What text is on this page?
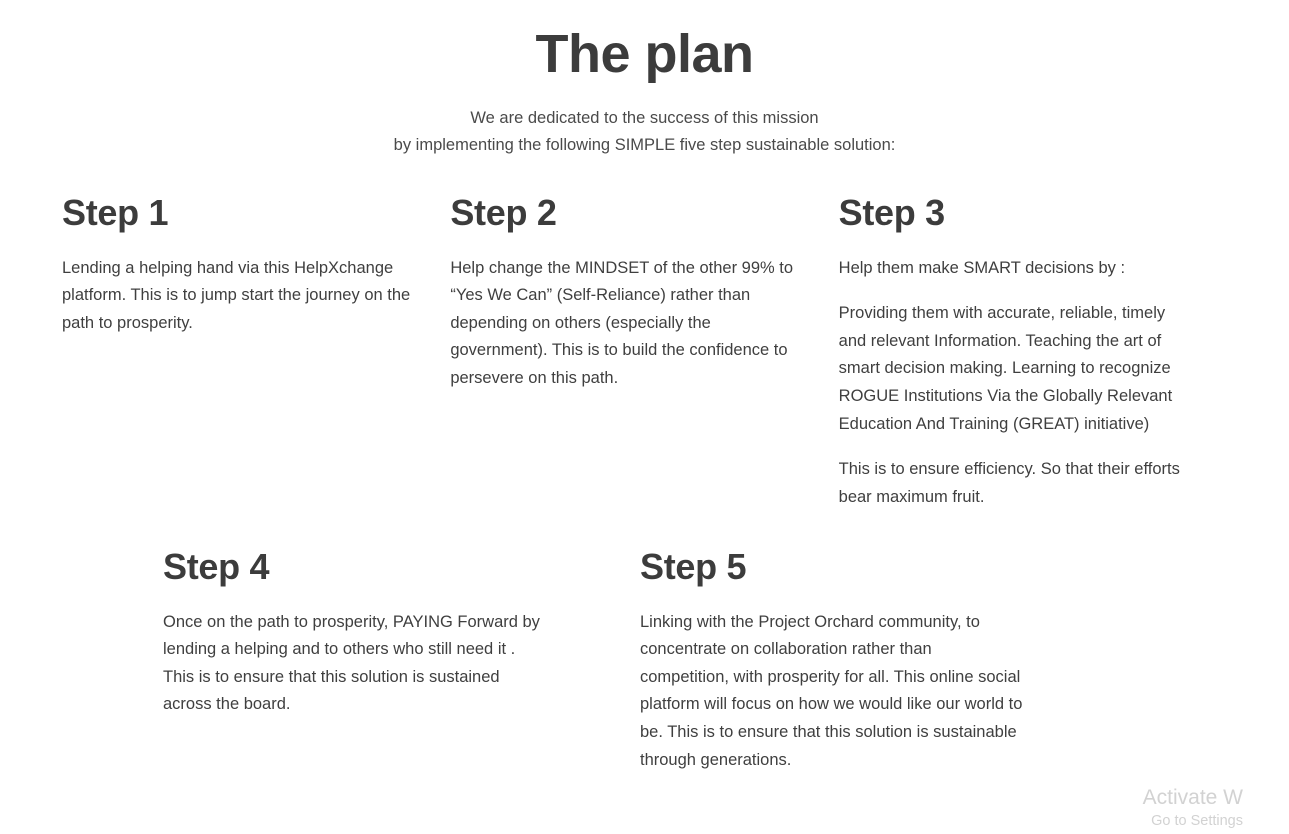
The plan

We are dedicated to the success of this mission
by implementing the following SIMPLE five step sustainable solution:

Step 1

Lending a helping hand via this HelpXchange platform. This is to jump start the journey on the path to prosperity.

Step 2

Help change the MINDSET of the other 99% to “Yes We Can” (Self-Reliance) rather than depending on others (especially the government). This is to build the confidence to persevere on this path.

Step 3

Help them make SMART decisions by :

Providing them with accurate, reliable, timely and relevant Information. Teaching the art of smart decision making. Learning to recognize ROGUE Institutions Via the Globally Relevant Education And Training (GREAT) initiative)

This is to ensure efficiency. So that their efforts bear maximum fruit.

Step 4

Once on the path to prosperity, PAYING Forward by lending a helping and to others who still need it . This is to ensure that this solution is sustained across the board.

Step 5

Linking with the Project Orchard community, to concentrate on collaboration rather than competition, with prosperity for all. This online social platform will focus on how we would like our world to be. This is to ensure that this solution is sustainable through generations.

Activate W
Go to Settings
